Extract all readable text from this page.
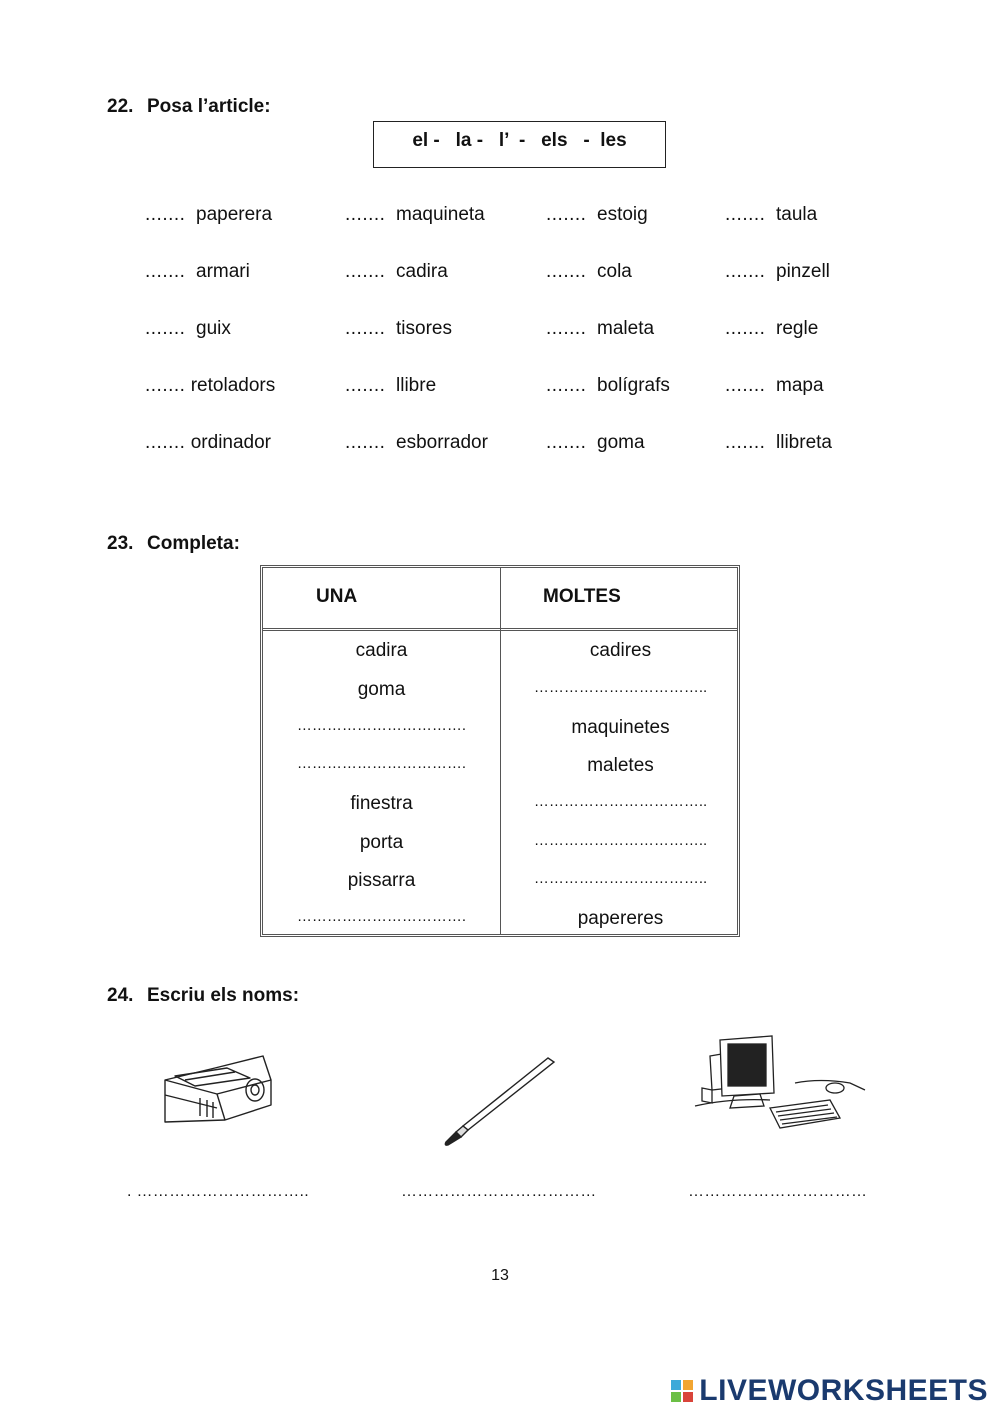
22. Posa l’article:
el -   la -   l’  -   els   -  les
....... paperera	....... maquineta	....... estoig	....... taula
....... armari	....... cadira	....... cola	....... pinzell
....... guix	....... tisores	....... maleta	....... regle
....... retoladors	....... llibre	....... bolígrafs	....... mapa
....... ordinador	....... esborrador	....... goma	....... llibreta
23. Completa:
UNA	MOLTES
cadira	cadires
goma	……………………………..
…………………………….	maquinetes
…………………………….	maletes
finestra	……………………………..
porta	……………………………..
pissarra	……………………………..
…………………………….	papereres
24. Escriu els noms:
. …………………………..	………………………………	……………………………
13
LIVEWORKSHEETS
